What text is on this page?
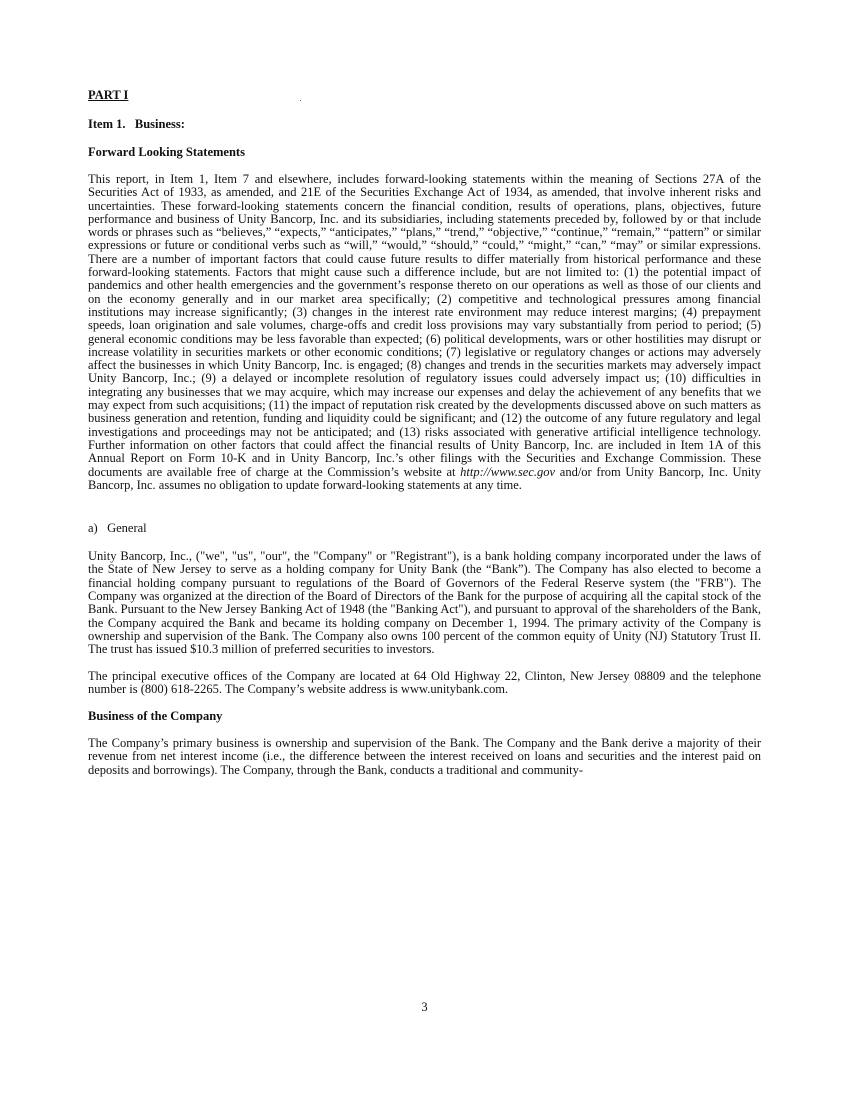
PART I
Item 1.   Business:
Forward Looking Statements

This report, in Item 1, Item 7 and elsewhere, includes forward-looking statements within the meaning of Sections 27A of the Securities Act of 1933, as amended, and 21E of the Securities Exchange Act of 1934, as amended, that involve inherent risks and uncertainties. These forward-looking statements concern the financial condition, results of operations, plans, objectives, future performance and business of Unity Bancorp, Inc. and its subsidiaries, including statements preceded by, followed by or that include words or phrases such as “believes,” “expects,” “anticipates,” “plans,” “trend,” “objective,” “continue,” “remain,” “pattern” or similar expressions or future or conditional verbs such as “will,” “would,” “should,” “could,” “might,” “can,” “may” or similar expressions. There are a number of important factors that could cause future results to differ materially from historical performance and these forward-looking statements. Factors that might cause such a difference include, but are not limited to: (1) the potential impact of pandemics and other health emergencies and the government’s response thereto on our operations as well as those of our clients and on the economy generally and in our market area specifically; (2) competitive and technological pressures among financial institutions may increase significantly; (3) changes in the interest rate environment may reduce interest margins; (4) prepayment speeds, loan origination and sale volumes, charge-offs and credit loss provisions may vary substantially from period to period; (5) general economic conditions may be less favorable than expected; (6) political developments, wars or other hostilities may disrupt or increase volatility in securities markets or other economic conditions; (7) legislative or regulatory changes or actions may adversely affect the businesses in which Unity Bancorp, Inc. is engaged; (8) changes and trends in the securities markets may adversely impact Unity Bancorp, Inc.; (9) a delayed or incomplete resolution of regulatory issues could adversely impact us; (10) difficulties in integrating any businesses that we may acquire, which may increase our expenses and delay the achievement of any benefits that we may expect from such acquisitions; (11) the impact of reputation risk created by the developments discussed above on such matters as business generation and retention, funding and liquidity could be significant; and (12) the outcome of any future regulatory and legal investigations and proceedings may not be anticipated; and (13) risks associated with generative artificial intelligence technology. Further information on other factors that could affect the financial results of Unity Bancorp, Inc. are included in Item 1A of this Annual Report on Form 10-K and in Unity Bancorp, Inc.’s other filings with the Securities and Exchange Commission. These documents are available free of charge at the Commission’s website at http://www.sec.gov and/or from Unity Bancorp, Inc. Unity Bancorp, Inc. assumes no obligation to update forward-looking statements at any time.

a)   General

Unity Bancorp, Inc., ("we", "us", "our", the "Company" or "Registrant"), is a bank holding company incorporated under the laws of the State of New Jersey to serve as a holding company for Unity Bank (the “Bank”). The Company has also elected to become a financial holding company pursuant to regulations of the Board of Governors of the Federal Reserve system (the "FRB"). The Company was organized at the direction of the Board of Directors of the Bank for the purpose of acquiring all the capital stock of the Bank. Pursuant to the New Jersey Banking Act of 1948 (the "Banking Act"), and pursuant to approval of the shareholders of the Bank, the Company acquired the Bank and became its holding company on December 1, 1994. The primary activity of the Company is ownership and supervision of the Bank. The Company also owns 100 percent of the common equity of Unity (NJ) Statutory Trust II. The trust has issued $10.3 million of preferred securities to investors.

The principal executive offices of the Company are located at 64 Old Highway 22, Clinton, New Jersey 08809 and the telephone number is (800) 618-2265. The Company’s website address is www.unitybank.com.

Business of the Company

The Company’s primary business is ownership and supervision of the Bank. The Company and the Bank derive a majority of their revenue from net interest income (i.e., the difference between the interest received on loans and securities and the interest paid on deposits and borrowings). The Company, through the Bank, conducts a traditional and community-

3
